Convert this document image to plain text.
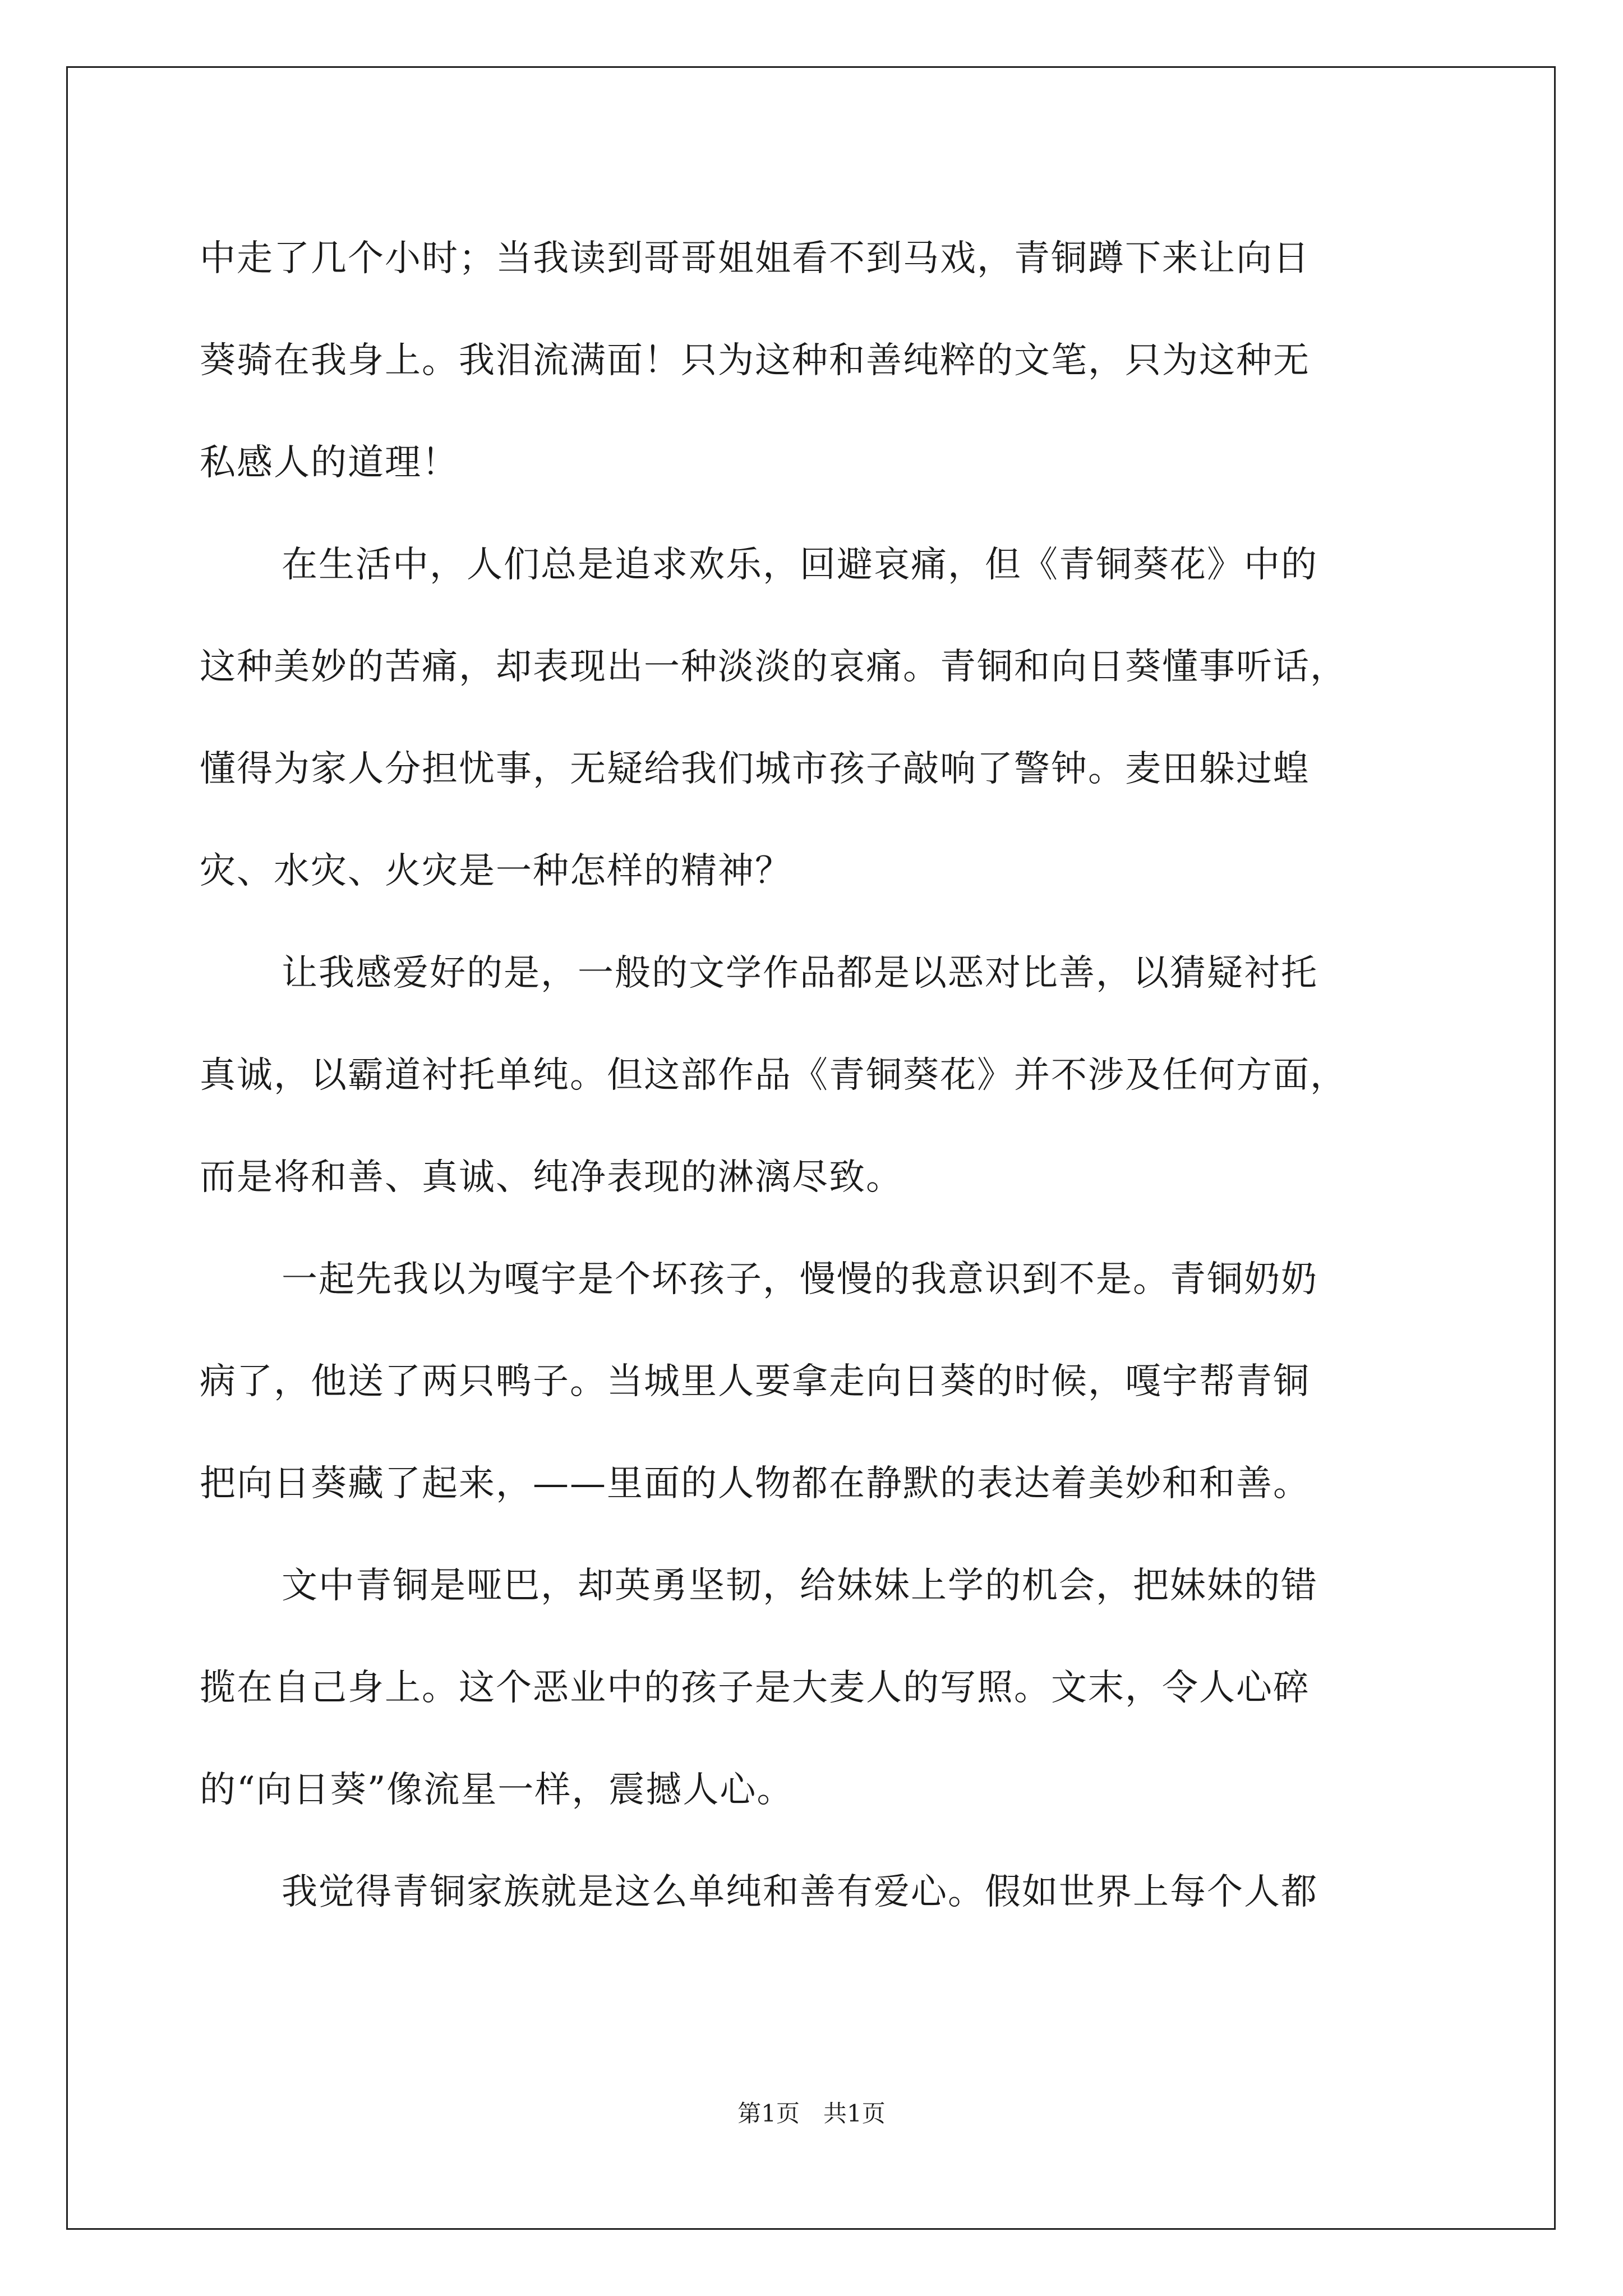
中走了几个小时；当我读到哥哥姐姐看不到马戏，青铜蹲下来让向日
葵骑在我身上。我泪流满面！只为这种和善纯粹的文笔，只为这种无
私感人的道理！
在生活中，人们总是追求欢乐，回避哀痛，但《青铜葵花》中的
这种美妙的苦痛，却表现出一种淡淡的哀痛。青铜和向日葵懂事听话，
懂得为家人分担忧事，无疑给我们城市孩子敲响了警钟。麦田躲过蝗
灾、水灾、火灾是一种怎样的精神？
让我感爱好的是，一般的文学作品都是以恶对比善，以猜疑衬托
真诚，以霸道衬托单纯。但这部作品《青铜葵花》并不涉及任何方面，
而是将和善、真诚、纯净表现的淋漓尽致。
一起先我以为嘎宇是个坏孩子，慢慢的我意识到不是。青铜奶奶
病了，他送了两只鸭子。当城里人要拿走向日葵的时候，嘎宇帮青铜
把向日葵藏了起来，——里面的人物都在静默的表达着美妙和和善。
文中青铜是哑巴，却英勇坚韧，给妹妹上学的机会，把妹妹的错
揽在自己身上。这个恶业中的孩子是大麦人的写照。文末，令人心碎
的“向日葵”像流星一样，震撼人心。
我觉得青铜家族就是这么单纯和善有爱心。假如世界上每个人都
第1页　共1页
